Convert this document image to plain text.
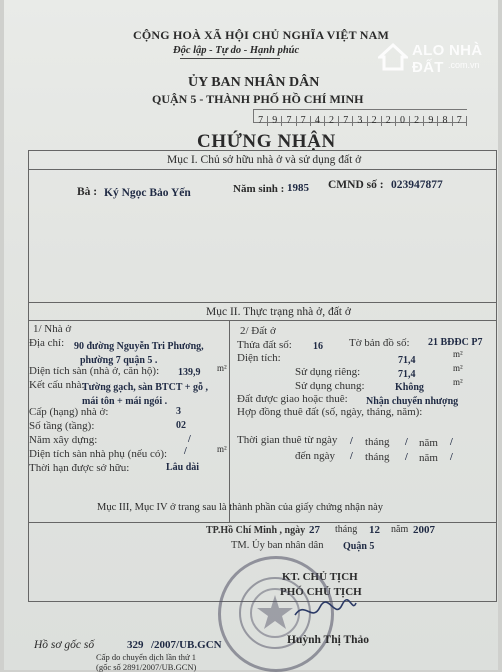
ALO NHÀ ĐẤT .com.vn
CỘNG HOÀ XÃ HỘI CHỦ NGHĨA VIỆT NAM
Độc lập - Tự do - Hạnh phúc
ỦY BAN NHÂN DÂN
QUẬN 5 - THÀNH PHỐ HỒ CHÍ MINH
7 9 7 7 4 2 7 3 2 2 0 2 9 8 7
CHỨNG NHẬN
Mục I. Chủ sở hữu nhà ở và sử dụng đất ở
Bà : Ký Ngọc Bảo Yến	Năm sinh : 1985 CMND số : 023947877
Mục II. Thực trạng nhà ở, đất ở
1/ Nhà ở
Địa chỉ: 90 đường Nguyễn Tri Phương,
phường 7 quận 5 .
Diện tích sàn (nhà ở, căn hộ): 139,9 m²
Kết cấu nhà:
Tường gạch, sàn BTCT + gỗ ,
mái tôn + mái ngói .
Cấp (hạng) nhà ở:	3
Số tầng (tầng):	02
Năm xây dựng:	/
Diện tích sàn nhà phụ (nếu có): /	m²
Thời hạn được sở hữu:	Lâu dài
2/ Đất ở
Thửa đất số: 16 Tờ bản đồ số: 21 BĐĐC P7
Diện tích:	71,4
m²
Sử dụng riêng:	71,4
m²
Sử dụng chung:	Không	m²
Đất được giao hoặc thuê: Nhận chuyển nhượng
Hợp đồng thuê đất (số, ngày, tháng, năm):
Thời gian thuê từ ngày / tháng / năm /
đến ngày / tháng / năm /
Mục III, Mục IV ở trang sau là thành phần của giấy chứng nhận này
TP.Hồ Chí Minh , ngày 27 tháng 12 năm 2007
TM. Ủy ban nhân dân Quận 5
KT. CHỦ TỊCH
PHÓ CHỦ TỊCH
Huỳnh Thị Thảo
Hồ sơ gốc số	329 /2007/UB.GCN
Cấp do chuyển dịch lần thứ 1
(gốc số 2891/2007/UB.GCN)
